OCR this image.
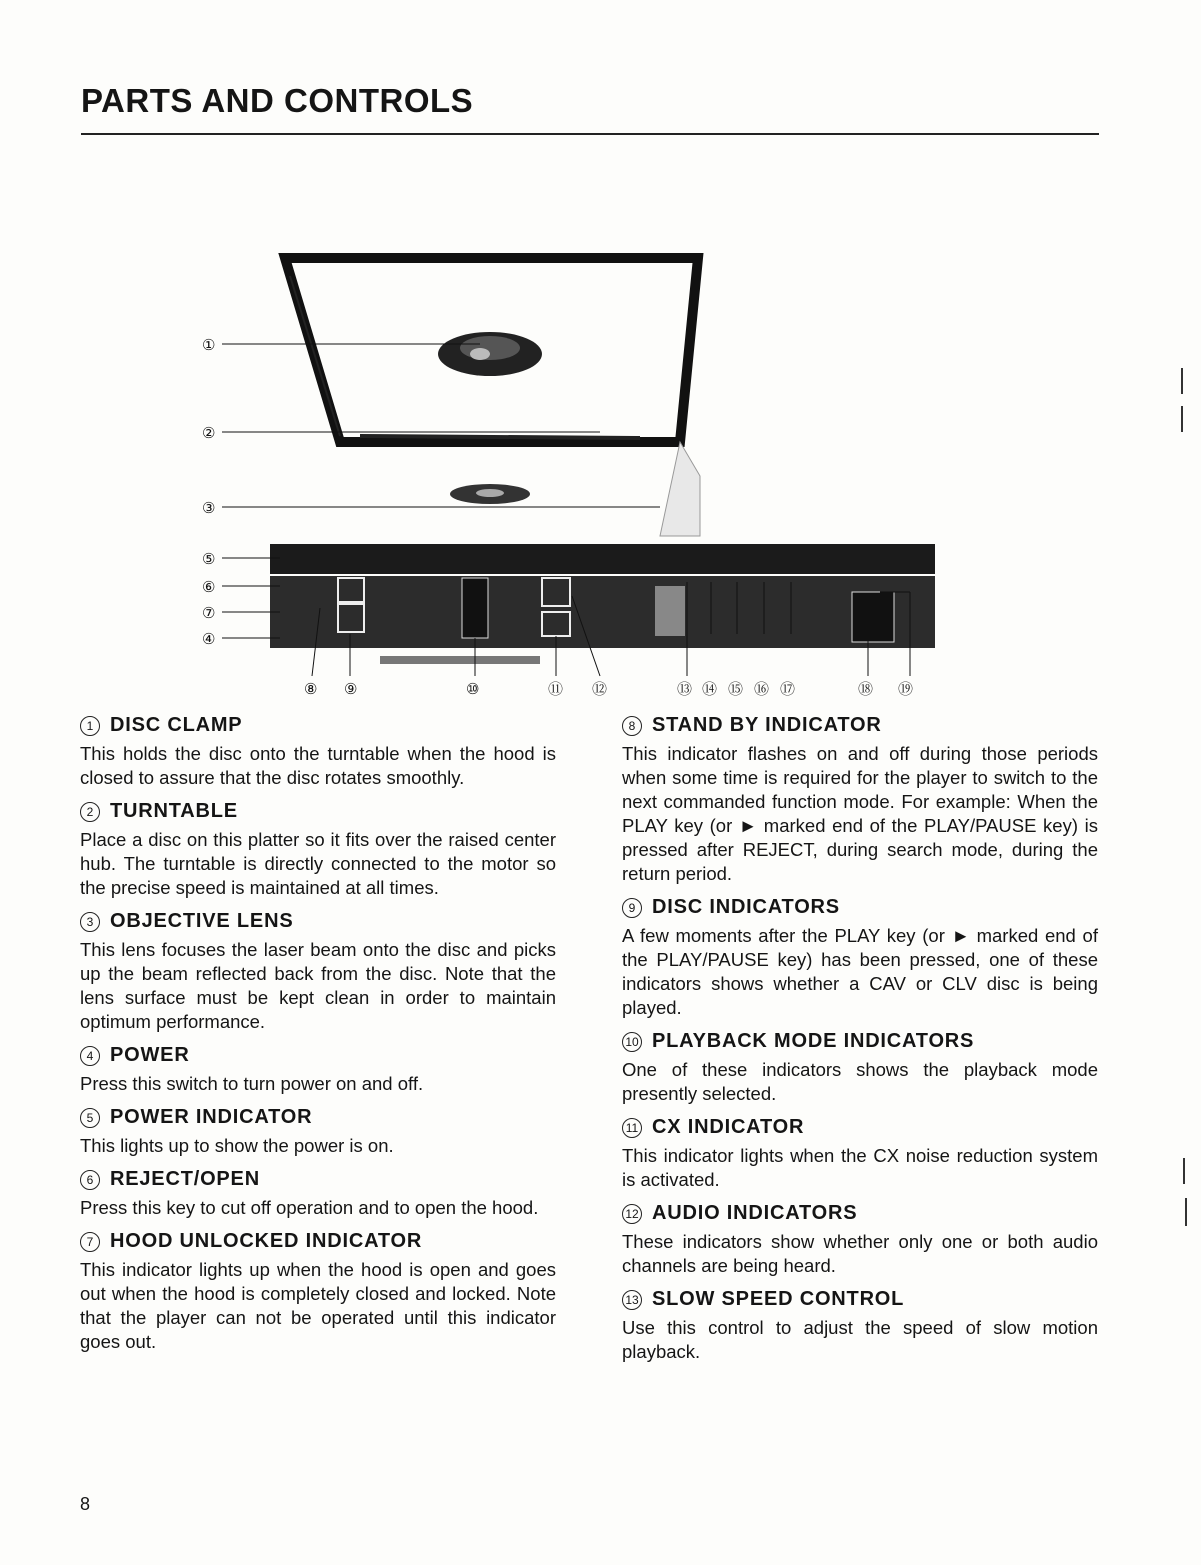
PARTS AND CONTROLS
①
②
③
⑤
⑥
⑦
④
⑧ ⑨	⑩	⑪ ⑫	⑬ ⑭ ⑮ ⑯ ⑰	⑱ ⑲
1 DISC CLAMP

This holds the disc onto the turntable when the hood is closed to assure that the disc rotates smoothly.

2 TURNTABLE

Place a disc on this platter so it fits over the raised center hub. The turntable is directly connected to the motor so the precise speed is maintained at all times.

3 OBJECTIVE LENS

This lens focuses the laser beam onto the disc and picks up the beam reflected back from the disc. Note that the lens surface must be kept clean in order to maintain optimum performance.

4 POWER

Press this switch to turn power on and off.

5 POWER INDICATOR

This lights up to show the power is on.

6 REJECT/OPEN

Press this key to cut off operation and to open the hood.

7 HOOD UNLOCKED INDICATOR

This indicator lights up when the hood is open and goes out when the hood is completely closed and locked. Note that the player can not be operated until this indicator goes out.

8 STAND BY INDICATOR

This indicator flashes on and off during those periods when some time is required for the player to switch to the next commanded function mode. For example: When the PLAY key (or ► marked end of the PLAY/PAUSE key) is pressed after REJECT, during search mode, during the return period.

9 DISC INDICATORS

A few moments after the PLAY key (or ► marked end of the PLAY/PAUSE key) has been pressed, one of these indicators shows whether a CAV or CLV disc is being played.

10 PLAYBACK MODE INDICATORS

One of these indicators shows the playback mode presently selected.

11 CX INDICATOR

This indicator lights when the CX noise reduction system is activated.

12 AUDIO INDICATORS

These indicators show whether only one or both audio channels are being heard.

13 SLOW SPEED CONTROL

Use this control to adjust the speed of slow motion playback.

8
